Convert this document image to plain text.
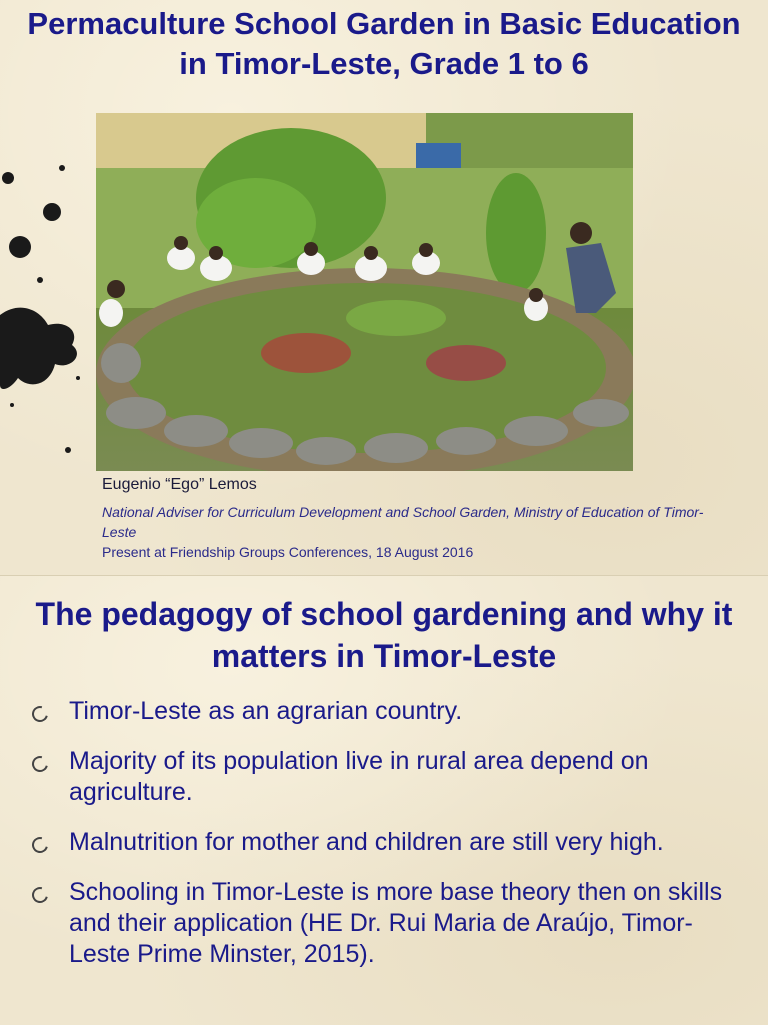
Permaculture School Garden in Basic Education in Timor-Leste, Grade 1 to 6
Eugenio “Ego” Lemos
National Adviser for Curriculum Development and School Garden, Ministry of Education of Timor-Leste
Present at Friendship Groups Conferences, 18 August 2016
The pedagogy of school gardening and why it matters in Timor-Leste
Timor-Leste as an agrarian country.
Majority of its population live in rural area depend on agriculture.
Malnutrition for mother and children are still very high.
Schooling in Timor-Leste is more base theory then on skills and their application (HE Dr. Rui Maria de Araújo, Timor-Leste Prime Minster, 2015).
